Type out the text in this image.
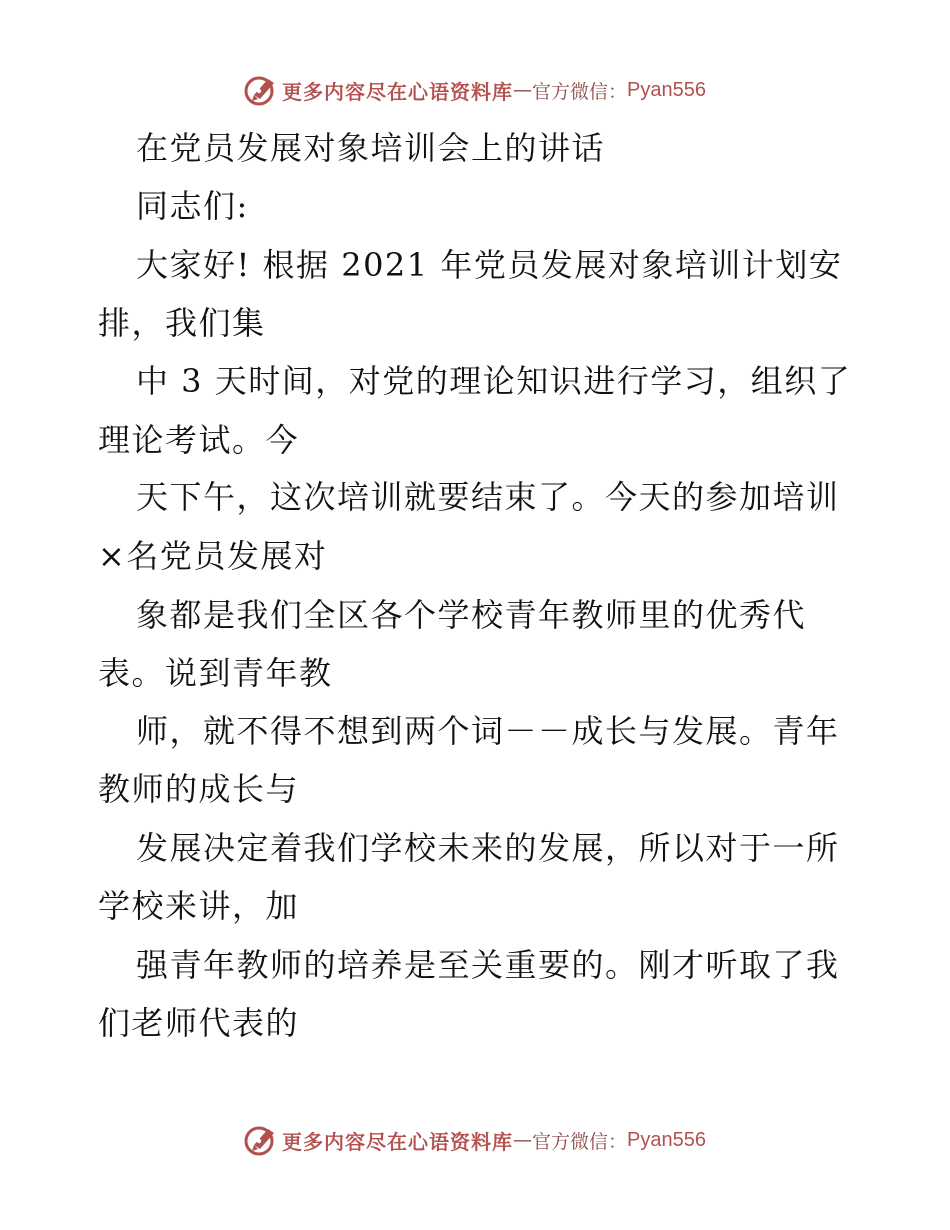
更多内容尽在心语资料库 — 官方微信： Pyan556
在党员发展对象培训会上的讲话
同志们:
大家好! 根据 2021 年党员发展对象培训计划安
排，我们集
中 3 天时间，对党的理论知识进行学习，组织了
理论考试。今
天下午，这次培训就要结束了。今天的参加培训
×名党员发展对
象都是我们全区各个学校青年教师里的优秀代
表。说到青年教
师，就不得不想到两个词－－成长与发展。青年
教师的成长与
发展决定着我们学校未来的发展，所以对于一所
学校来讲，加
强青年教师的培养是至关重要的。刚才听取了我
们老师代表的
更多内容尽在心语资料库 — 官方微信： Pyan556
